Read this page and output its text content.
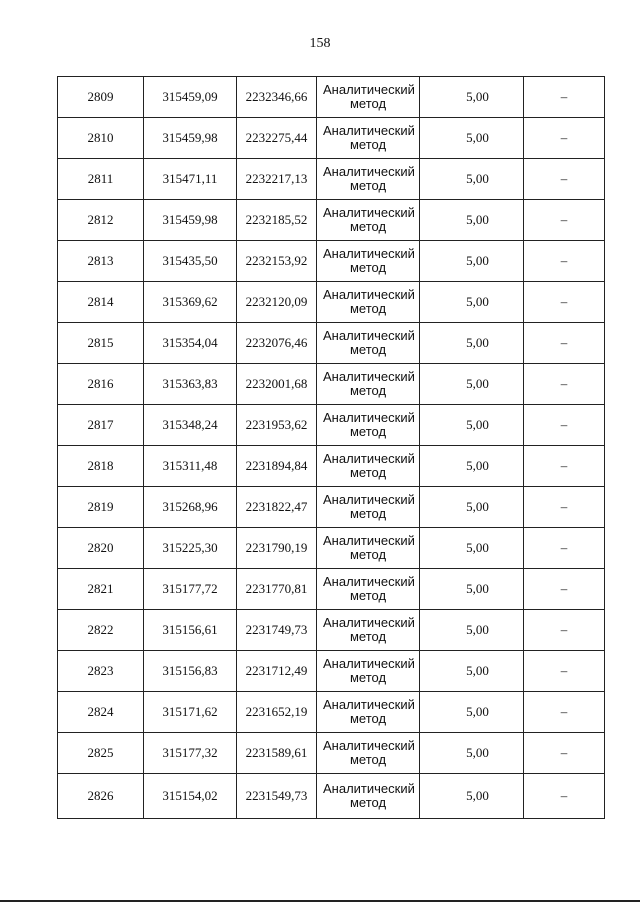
158
2809	315459,09	2232346,66	Аналитический метод	5,00	–
2810	315459,98	2232275,44	Аналитический метод	5,00	–
2811	315471,11	2232217,13	Аналитический метод	5,00	–
2812	315459,98	2232185,52	Аналитический метод	5,00	–
2813	315435,50	2232153,92	Аналитический метод	5,00	–
2814	315369,62	2232120,09	Аналитический метод	5,00	–
2815	315354,04	2232076,46	Аналитический метод	5,00	–
2816	315363,83	2232001,68	Аналитический метод	5,00	–
2817	315348,24	2231953,62	Аналитический метод	5,00	–
2818	315311,48	2231894,84	Аналитический метод	5,00	–
2819	315268,96	2231822,47	Аналитический метод	5,00	–
2820	315225,30	2231790,19	Аналитический метод	5,00	–
2821	315177,72	2231770,81	Аналитический метод	5,00	–
2822	315156,61	2231749,73	Аналитический метод	5,00	–
2823	315156,83	2231712,49	Аналитический метод	5,00	–
2824	315171,62	2231652,19	Аналитический метод	5,00	–
2825	315177,32	2231589,61	Аналитический метод	5,00	–
2826	315154,02	2231549,73	Аналитический метод	5,00	–
